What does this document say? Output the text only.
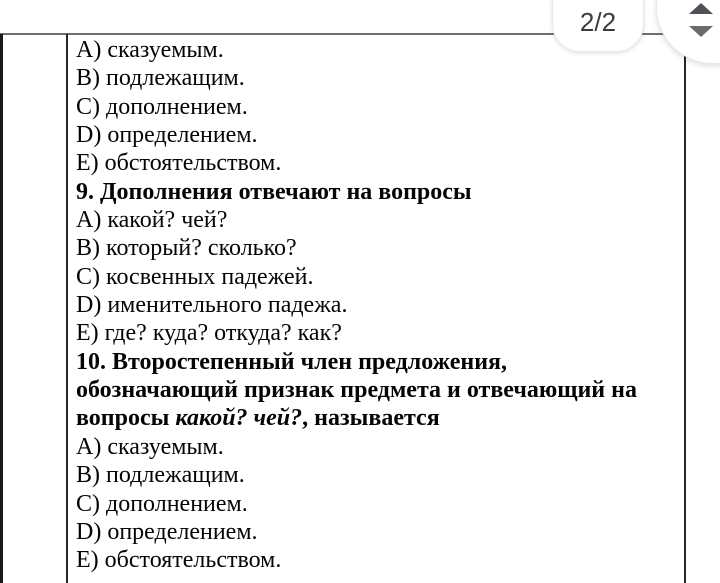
A) сказуемым.
B) подлежащим.
C) дополнением.
D) определением.
E) обстоятельством.
9. Дополнения отвечают на вопросы
A) какой? чей?
B) который? сколько?
C) косвенных падежей.
D) именительного падежа.
E) где? куда? откуда? как?
10. Второстепенный член предложения,
обозначающий признак предмета и отвечающий на
вопросы какой? чей?, называется
A) сказуемым.
B) подлежащим.
C) дополнением.
D) определением.
E) обстоятельством.
2/2
